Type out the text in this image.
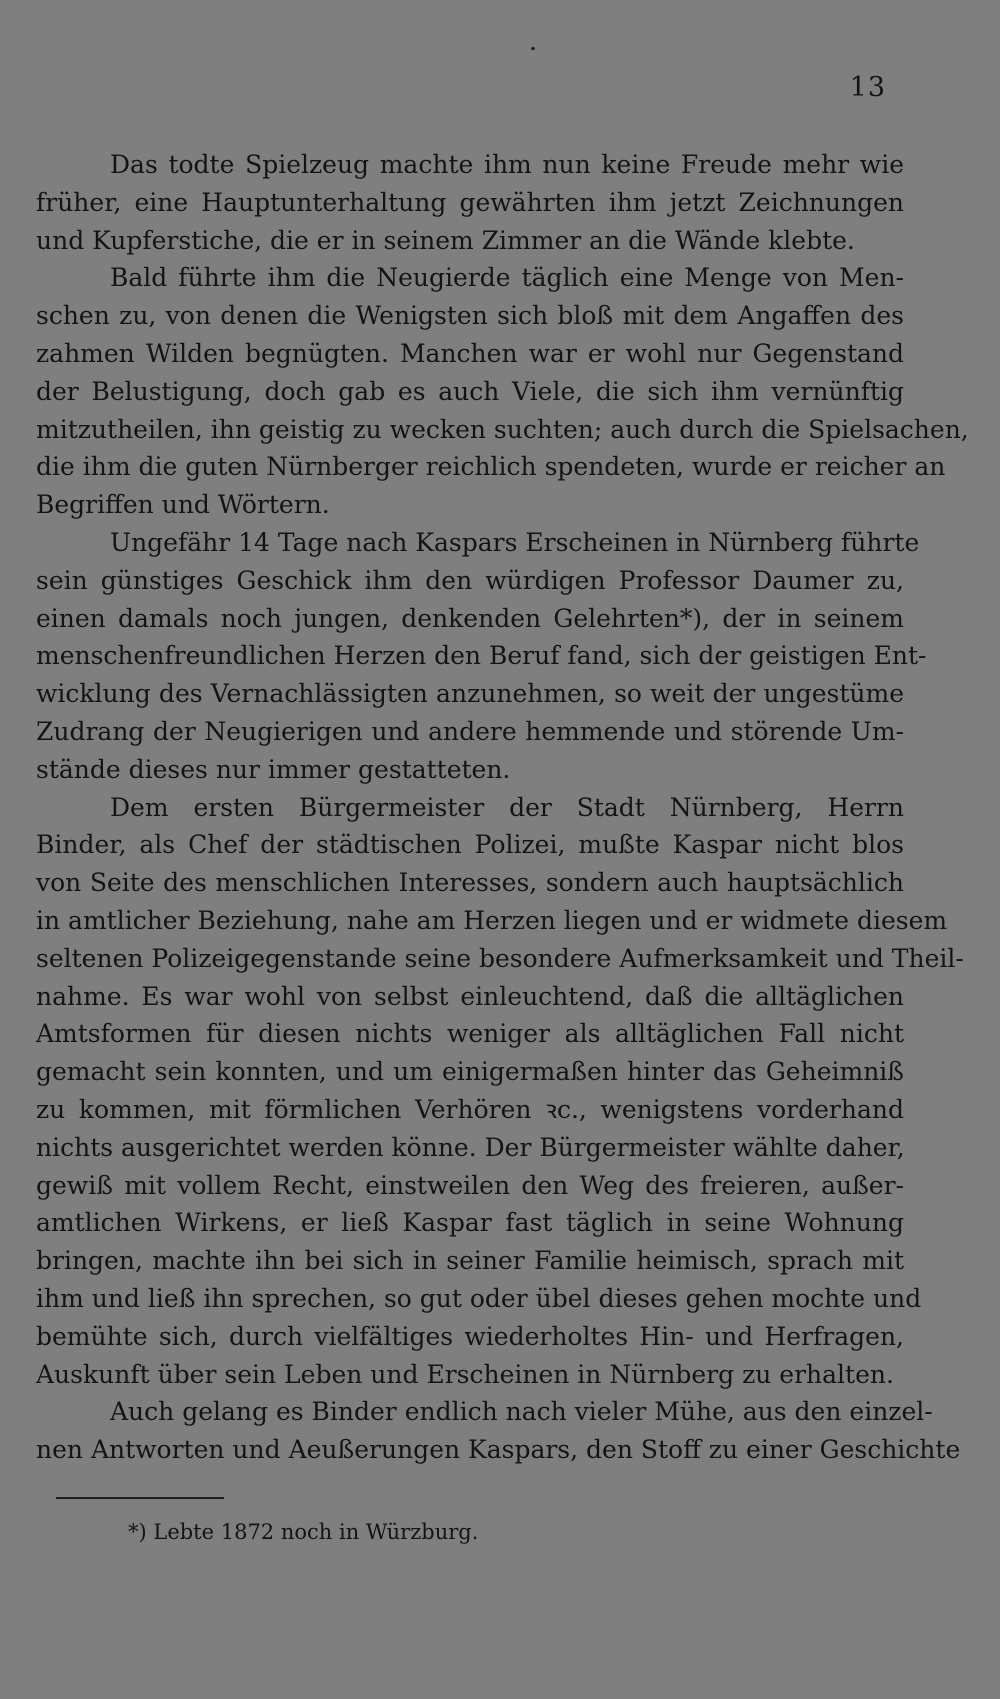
13

Das todte Spielzeug machte ihm nun keine Freude mehr wie
früher, eine Hauptunterhaltung gewährten ihm jetzt Zeichnungen
und Kupferstiche, die er in seinem Zimmer an die Wände klebte.

Bald führte ihm die Neugierde täglich eine Menge von Men-
schen zu, von denen die Wenigsten sich bloß mit dem Angaffen des
zahmen Wilden begnügten. Manchen war er wohl nur Gegenstand
der Belustigung, doch gab es auch Viele, die sich ihm vernünftig
mitzutheilen, ihn geistig zu wecken suchten; auch durch die Spielsachen,
die ihm die guten Nürnberger reichlich spendeten, wurde er reicher an
Begriffen und Wörtern.

Ungefähr 14 Tage nach Kaspars Erscheinen in Nürnberg führte
sein günstiges Geschick ihm den würdigen Professor Daumer zu,
einen damals noch jungen, denkenden Gelehrten*), der in seinem
menschenfreundlichen Herzen den Beruf fand, sich der geistigen Ent-
wicklung des Vernachlässigten anzunehmen, so weit der ungestüme
Zudrang der Neugierigen und andere hemmende und störende Um-
stände dieses nur immer gestatteten.

Dem ersten Bürgermeister der Stadt Nürnberg, Herrn
Binder, als Chef der städtischen Polizei, mußte Kaspar nicht blos
von Seite des menschlichen Interesses, sondern auch hauptsächlich
in amtlicher Beziehung, nahe am Herzen liegen und er widmete diesem
seltenen Polizeigegenstande seine besondere Aufmerksamkeit und Theil-
nahme. Es war wohl von selbst einleuchtend, daß die alltäglichen
Amtsformen für diesen nichts weniger als alltäglichen Fall nicht
gemacht sein konnten, und um einigermaßen hinter das Geheimniß
zu kommen, mit förmlichen Verhören ꝛc., wenigstens vorderhand
nichts ausgerichtet werden könne. Der Bürgermeister wählte daher,
gewiß mit vollem Recht, einstweilen den Weg des freieren, außer-
amtlichen Wirkens, er ließ Kaspar fast täglich in seine Wohnung
bringen, machte ihn bei sich in seiner Familie heimisch, sprach mit
ihm und ließ ihn sprechen, so gut oder übel dieses gehen mochte und
bemühte sich, durch vielfältiges wiederholtes Hin- und Herfragen,
Auskunft über sein Leben und Erscheinen in Nürnberg zu erhalten.

Auch gelang es Binder endlich nach vieler Mühe, aus den einzel-
nen Antworten und Aeußerungen Kaspars, den Stoff zu einer Geschichte

*) Lebte 1872 noch in Würzburg.
